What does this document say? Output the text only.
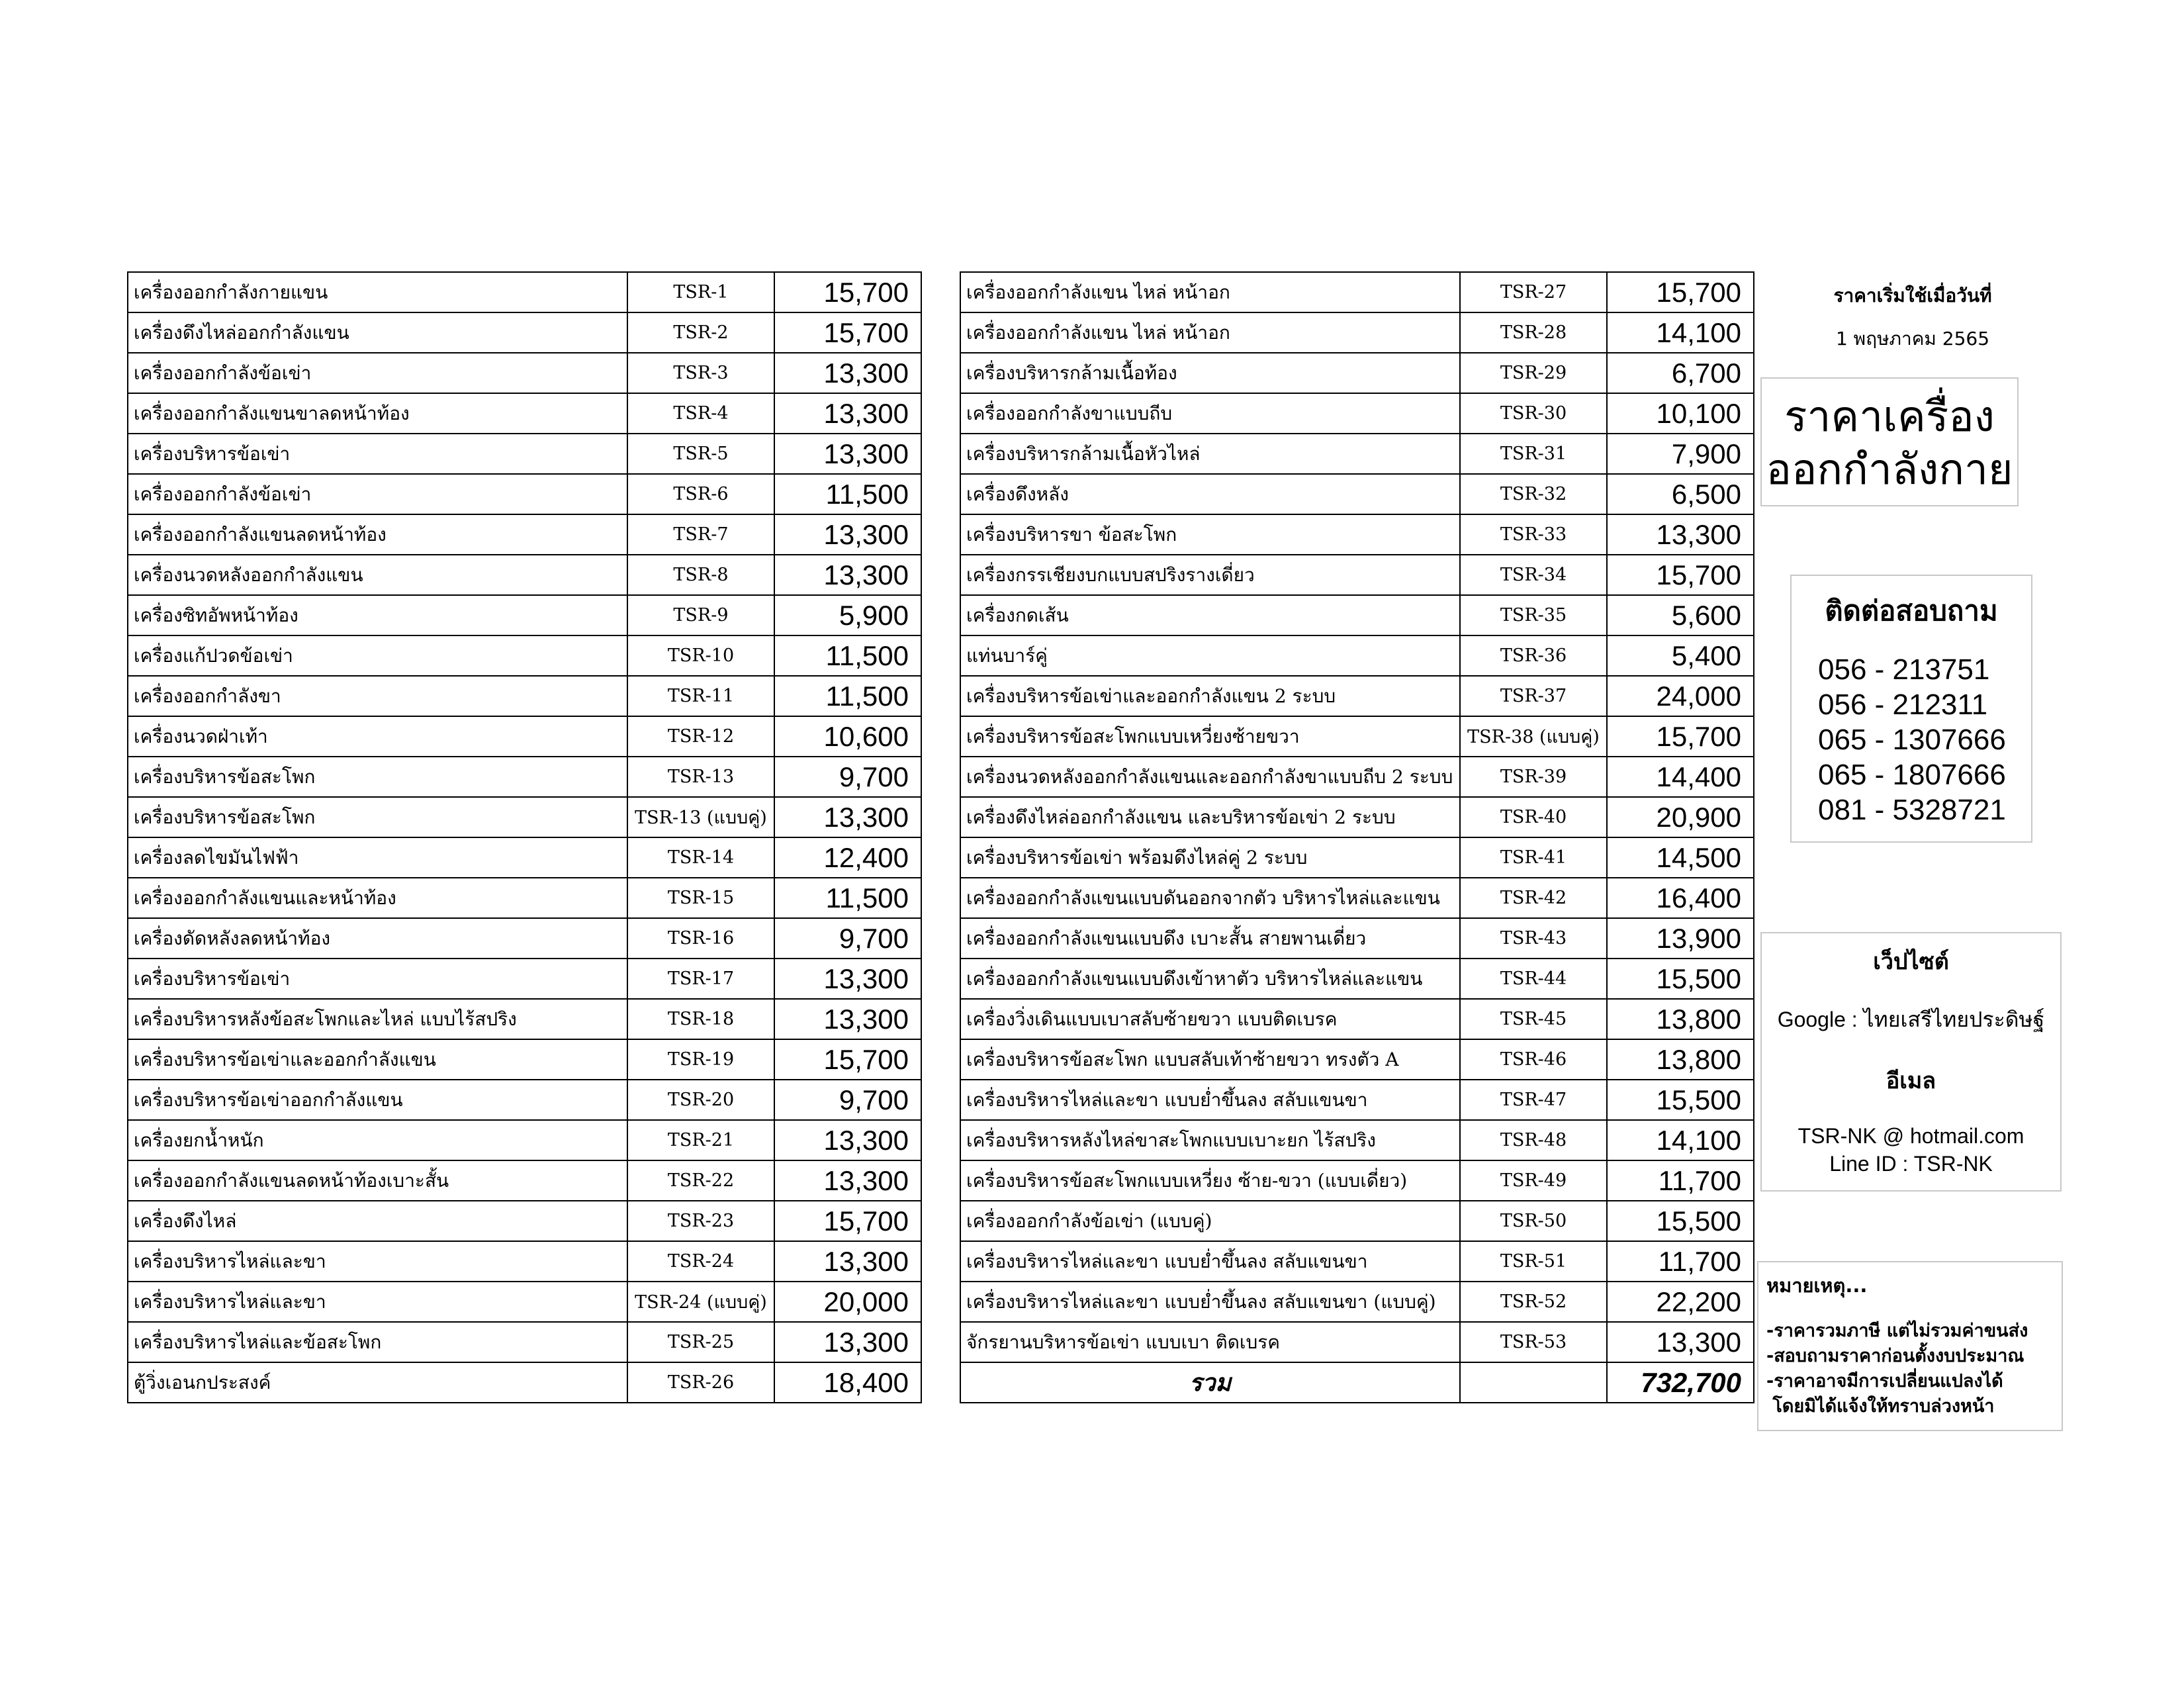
เครื่องออกกำลังกายแขน	TSR-1	15,700
เครื่องดึงไหล่ออกกำลังแขน	TSR-2	15,700
เครื่องออกกำลังข้อเข่า	TSR-3	13,300
เครื่องออกกำลังแขนขาลดหน้าท้อง	TSR-4	13,300
เครื่องบริหารข้อเข่า	TSR-5	13,300
เครื่องออกกำลังข้อเข่า	TSR-6	11,500
เครื่องออกกำลังแขนลดหน้าท้อง	TSR-7	13,300
เครื่องนวดหลังออกกำลังแขน	TSR-8	13,300
เครื่องซิทอัพหน้าท้อง	TSR-9	5,900
เครื่องแก้ปวดข้อเข่า	TSR-10	11,500
เครื่องออกกำลังขา	TSR-11	11,500
เครื่องนวดฝ่าเท้า	TSR-12	10,600
เครื่องบริหารข้อสะโพก	TSR-13	9,700
เครื่องบริหารข้อสะโพก	TSR-13 (แบบคู่)	13,300
เครื่องลดไขมันไฟฟ้า	TSR-14	12,400
เครื่องออกกำลังแขนและหน้าท้อง	TSR-15	11,500
เครื่องดัดหลังลดหน้าท้อง	TSR-16	9,700
เครื่องบริหารข้อเข่า	TSR-17	13,300
เครื่องบริหารหลังข้อสะโพกและไหล่ แบบไร้สปริง	TSR-18	13,300
เครื่องบริหารข้อเข่าและออกกำลังแขน	TSR-19	15,700
เครื่องบริหารข้อเข่าออกกำลังแขน	TSR-20	9,700
เครื่องยกน้ำหนัก	TSR-21	13,300
เครื่องออกกำลังแขนลดหน้าท้องเบาะสั้น	TSR-22	13,300
เครื่องดึงไหล่	TSR-23	15,700
เครื่องบริหารไหล่และขา	TSR-24	13,300
เครื่องบริหารไหล่และขา	TSR-24 (แบบคู่)	20,000
เครื่องบริหารไหล่และข้อสะโพก	TSR-25	13,300
ตู้วิ่งเอนกประสงค์	TSR-26	18,400
เครื่องออกกำลังแขน ไหล่ หน้าอก	TSR-27	15,700
เครื่องออกกำลังแขน ไหล่ หน้าอก	TSR-28	14,100
เครื่องบริหารกล้ามเนื้อท้อง	TSR-29	6,700
เครื่องออกกำลังขาแบบถีบ	TSR-30	10,100
เครื่องบริหารกล้ามเนื้อหัวไหล่	TSR-31	7,900
เครื่องดึงหลัง	TSR-32	6,500
เครื่องบริหารขา ข้อสะโพก	TSR-33	13,300
เครื่องกรรเชียงบกแบบสปริงรางเดี่ยว	TSR-34	15,700
เครื่องกดเส้น	TSR-35	5,600
แท่นบาร์คู่	TSR-36	5,400
เครื่องบริหารข้อเข่าและออกกำลังแขน 2 ระบบ	TSR-37	24,000
เครื่องบริหารข้อสะโพกแบบเหวี่ยงซ้ายขวา	TSR-38 (แบบคู่)	15,700
เครื่องนวดหลังออกกำลังแขนและออกกำลังขาแบบถีบ 2 ระบบ	TSR-39	14,400
เครื่องดึงไหล่ออกกำลังแขน และบริหารข้อเข่า 2 ระบบ	TSR-40	20,900
เครื่องบริหารข้อเข่า พร้อมดึงไหล่คู่ 2 ระบบ	TSR-41	14,500
เครื่องออกกำลังแขนแบบดันออกจากตัว บริหารไหล่และแขน	TSR-42	16,400
เครื่องออกกำลังแขนแบบดึง เบาะสั้น สายพานเดี่ยว	TSR-43	13,900
เครื่องออกกำลังแขนแบบดึงเข้าหาตัว บริหารไหล่และแขน	TSR-44	15,500
เครื่องวิ่งเดินแบบเบาสลับซ้ายขวา แบบติดเบรค	TSR-45	13,800
เครื่องบริหารข้อสะโพก แบบสลับเท้าซ้ายขวา ทรงตัว A	TSR-46	13,800
เครื่องบริหารไหล่และขา แบบย่ำขึ้นลง สลับแขนขา	TSR-47	15,500
เครื่องบริหารหลังไหล่ขาสะโพกแบบเบาะยก ไร้สปริง	TSR-48	14,100
เครื่องบริหารข้อสะโพกแบบเหวี่ยง ซ้าย-ขวา (แบบเดี่ยว)	TSR-49	11,700
เครื่องออกกำลังข้อเข่า (แบบคู่)	TSR-50	15,500
เครื่องบริหารไหล่และขา แบบย่ำขึ้นลง สลับแขนขา	TSR-51	11,700
เครื่องบริหารไหล่และขา แบบย่ำขึ้นลง สลับแขนขา (แบบคู่)	TSR-52	22,200
จักรยานบริหารข้อเข่า แบบเบา ติดเบรค	TSR-53	13,300
รวม		732,700
ราคาเริ่มใช้เมื่อวันที่
1 พฤษภาคม 2565
ราคาเครื่อง
ออกกำลังกาย
ติดต่อสอบถาม
056 - 213751
056 - 212311
065 - 1307666
065 - 1807666
081 - 5328721
เว็ปไซต์
Google : ไทยเสรีไทยประดิษฐ์
อีเมล
TSR-NK @ hotmail.com
Line ID : TSR-NK
หมายเหตุ...
-ราคารวมภาษี แต่ไม่รวมค่าขนส่ง
-สอบถามราคาก่อนตั้งงบประมาณ
-ราคาอาจมีการเปลี่ยนแปลงได้
โดยมิได้แจ้งให้ทราบล่วงหน้า
